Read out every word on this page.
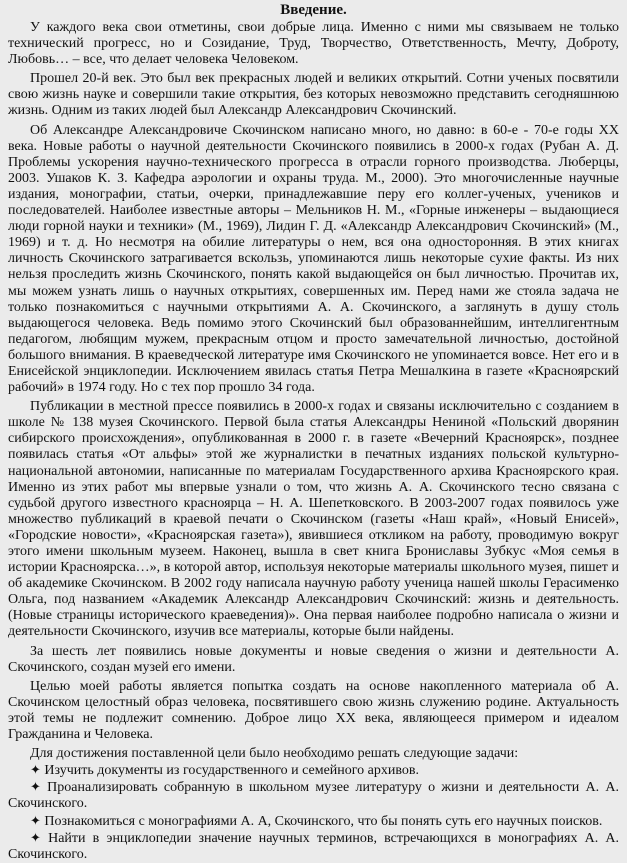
Введение.

У каждого века свои отметины, свои добрые лица. Именно с ними мы связываем не только технический прогресс, но и Созидание, Труд, Творчество, Ответственность, Мечту, Доброту, Любовь… – все, что делает человека Человеком.

Прошел 20-й век. Это был век прекрасных людей и великих открытий. Сотни ученых посвятили свою жизнь науке и совершили такие открытия, без которых невозможно представить сегодняшнюю жизнь. Одним из таких людей был Александр Александрович Скочинский.

Об Александре Александровиче Скочинском написано много, но давно: в 60-е - 70-е годы XX века. Новые работы о научной деятельности Скочинского появились в 2000-х годах (Рубан А. Д. Проблемы ускорения научно-технического прогресса в отрасли горного производства. Люберцы, 2003. Ушаков К. З. Кафедра аэрологии и охраны труда. М., 2000). Это многочисленные научные издания, монографии, статьи, очерки, принадлежавшие перу его коллег-ученых, учеников и последователей. Наиболее известные авторы – Мельников Н. М., «Горные инженеры – выдающиеся люди горной науки и техники» (М., 1969), Лидин Г. Д. «Александр Александрович Скочинский» (М., 1969) и т. д. Но несмотря на обилие литературы о нем, вся она односторонняя. В этих книгах личность Скочинского затрагивается вскользь, упоминаются лишь некоторые сухие факты. Из них нельзя проследить жизнь Скочинского, понять какой выдающейся он был личностью. Прочитав их, мы можем узнать лишь о научных открытиях, совершенных им. Перед нами же стояла задача не только познакомиться с научными открытиями А. А. Скочинского, а заглянуть в душу столь выдающегося человека. Ведь помимо этого Скочинский был образованнейшим, интеллигентным педагогом, любящим мужем, прекрасным отцом и просто замечательной личностью, достойной большого внимания. В краеведческой литературе имя Скочинского не упоминается вовсе. Нет его и в Енисейской энциклопедии. Исключением явилась статья Петра Мешалкина в газете «Красноярский рабочий» в 1974 году. Но с тех пор прошло 34 года.

Публикации в местной прессе появились в 2000-х годах и связаны исключительно с созданием в школе № 138 музея Скочинского. Первой была статья Александры Нениной «Польский дворянин сибирского происхождения», опубликованная в 2000 г. в газете «Вечерний Красноярск», позднее появилась статья «От альфы» этой же журналистки в печатных изданиях польской культурно-национальной автономии, написанные по материалам Государственного архива Красноярского края. Именно из этих работ мы впервые узнали о том, что жизнь А. А. Скочинского тесно связана с судьбой другого известного красноярца – Н. А. Шепетковского. В 2003-2007 годах появилось уже множество публикаций в краевой печати о Скочинском (газеты «Наш край», «Новый Енисей», «Городские новости», «Красноярская газета»), явившиеся откликом на работу, проводимую вокруг этого имени школьным музеем. Наконец, вышла в свет книга Брониславы Зубкус «Моя семья в истории Красноярска…», в которой автор, используя некоторые материалы школьного музея, пишет и об академике Скочинском. В 2002 году написала научную работу ученица нашей школы Герасименко Ольга, под названием «Академик Александр Александрович Скочинский: жизнь и деятельность. (Новые страницы исторического краеведения)». Она первая наиболее подробно написала о жизни и деятельности Скочинского, изучив все материалы, которые были найдены.

За шесть лет появились новые документы и новые сведения о жизни и деятельности А. Скочинского, создан музей его имени.

Целью моей работы является попытка создать на основе накопленного материала об А. Скочинском целостный образ человека, посвятившего свою жизнь служению родине. Актуальность этой темы не подлежит сомнению. Доброе лицо XX века, являющееся примером и идеалом Гражданина и Человека.

Для достижения поставленной цели было необходимо решать следующие задачи:

✦ Изучить документы из государственного и семейного архивов.
✦ Проанализировать собранную в школьном музее литературу о жизни и деятельности А. А. Скочинского.
✦ Познакомиться с монографиями А. А, Скочинского, что бы понять суть его научных поисков.
✦ Найти в энциклопедии значение научных терминов, встречающихся в монографиях А. А. Скочинского.
